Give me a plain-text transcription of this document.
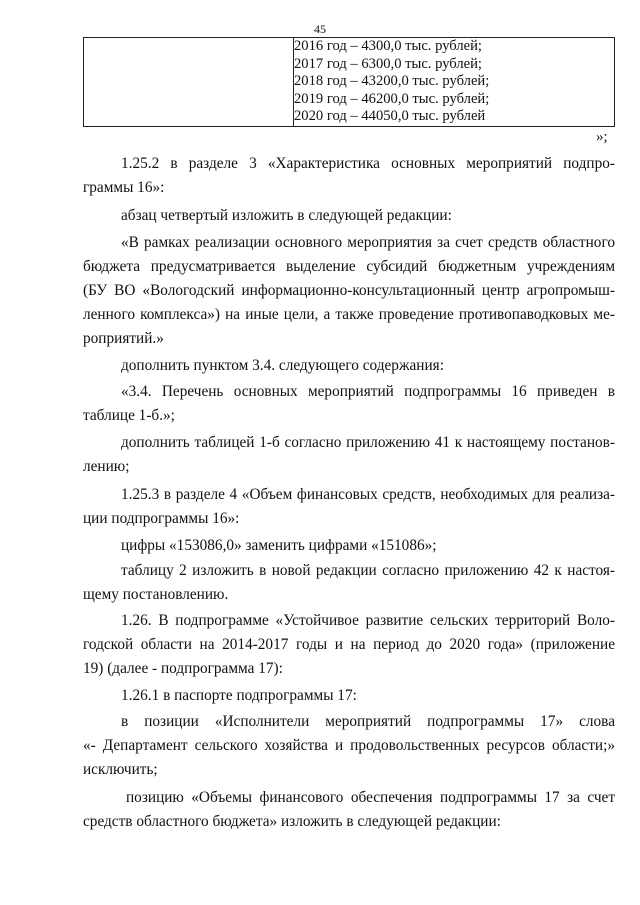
45

2016 год – 4300,0 тыс. рублей;
2017 год – 6300,0 тыс. рублей;
2018 год – 43200,0 тыс. рублей;
2019 год – 46200,0 тыс. рублей;
2020 год – 44050,0 тыс. рублей
»;

1.25.2 в разделе 3 «Характеристика основных мероприятий подпро-
граммы 16»:

абзац четвертый изложить в следующей редакции:

«В рамках реализации основного мероприятия за счет средств областного
бюджета предусматривается выделение субсидий бюджетным учреждениям
(БУ ВО «Вологодский информационно-консультационный центр агропромыш-
ленного комплекса») на иные цели, а также проведение противопаводковых ме-
роприятий.»

дополнить пунктом 3.4. следующего содержания:

«3.4. Перечень основных мероприятий подпрограммы 16 приведен в
таблице 1-б.»;

дополнить таблицей 1-б согласно приложению 41 к настоящему постанов-
лению;

1.25.3 в разделе 4 «Объем финансовых средств, необходимых для реализа-
ции подпрограммы 16»:

цифры «153086,0» заменить цифрами «151086»;

таблицу 2 изложить в новой редакции согласно приложению 42 к настоя-
щему постановлению.

1.26. В подпрограмме «Устойчивое развитие сельских территорий Воло-
годской области на 2014-2017 годы и на период до 2020 года» (приложение
19) (далее - подпрограмма 17):

1.26.1 в паспорте подпрограммы 17:

в позиции «Исполнители мероприятий подпрограммы 17» слова
«- Департамент сельского хозяйства и продовольственных ресурсов области;»
исключить;

позицию «Объемы финансового обеспечения подпрограммы 17 за счет
средств областного бюджета» изложить в следующей редакции:
